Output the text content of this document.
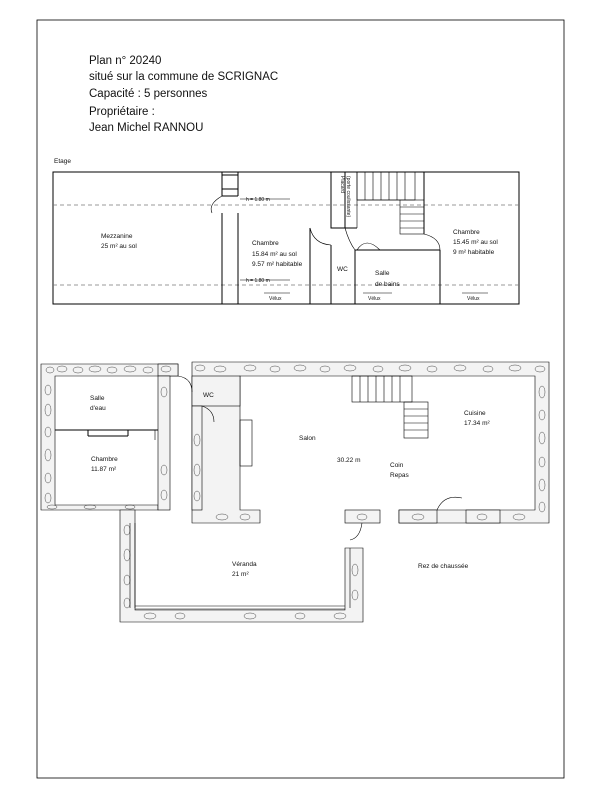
Plan n° 20240
situé sur la commune de SCRIGNAC
Capacité : 5 personnes
Propriétaire :
Jean Michel RANNOU
Etage
h = 1.80 m
h = 1.80 m
Placard (porte coulissante)
Mezzanine
25 m² au sol	Chambre
15.84 m² au sol
9.57 m² habitable
Chambre
15.45 m² au sol
9 m² habitable
WC
Salle
de bains
Vélux	Vélux	Vélux
Salle
d'eau
WC
Chambre
11.87 m²
Salon
30.22 m
Coin
Repas
Cuisine
17.34 m²
Véranda
21 m²
Rez de chaussée
